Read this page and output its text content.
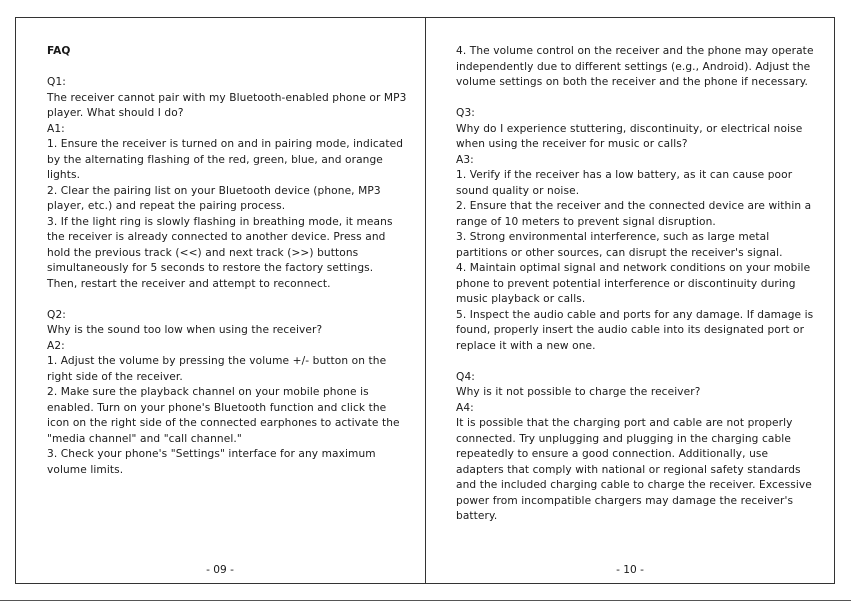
FAQ

Q1:

The receiver cannot pair with my Bluetooth-enabled phone or MP3 player. What should I do?

A1:

1. Ensure the receiver is turned on and in pairing mode, indicated by the alternating flashing of the red, green, blue, and orange lights.

2. Clear the pairing list on your Bluetooth device (phone, MP3 player, etc.) and repeat the pairing process.

3. If the light ring is slowly flashing in breathing mode, it means the receiver is already connected to another device. Press and hold the previous track (<<) and next track (>>) buttons simultaneously for 5 seconds to restore the factory settings. Then, restart the receiver and attempt to reconnect.

Q2:

Why is the sound too low when using the receiver?

A2:

1. Adjust the volume by pressing the volume +/- button on the right side of the receiver.

2. Make sure the playback channel on your mobile phone is enabled. Turn on your phone's Bluetooth function and click the icon on the right side of the connected earphones to activate the "media channel" and "call channel."

3. Check your phone's "Settings" interface for any maximum volume limits.

- 09 -

4. The volume control on the receiver and the phone may operate independently due to different settings (e.g., Android). Adjust the volume settings on both the receiver and the phone if necessary.

Q3:

Why do I experience stuttering, discontinuity, or electrical noise when using the receiver for music or calls?

A3:

1. Verify if the receiver has a low battery, as it can cause poor sound quality or noise.

2. Ensure that the receiver and the connected device are within a range of 10 meters to prevent signal disruption.

3. Strong environmental interference, such as large metal partitions or other sources, can disrupt the receiver's signal.

4. Maintain optimal signal and network conditions on your mobile phone to prevent potential interference or discontinuity during music playback or calls.

5. Inspect the audio cable and ports for any damage. If damage is found, properly insert the audio cable into its designated port or replace it with a new one.

Q4:

Why is it not possible to charge the receiver?

A4:

It is possible that the charging port and cable are not properly connected. Try unplugging and plugging in the charging cable repeatedly to ensure a good connection. Additionally, use adapters that comply with national or regional safety standards and the included charging cable to charge the receiver. Excessive power from incompatible chargers may damage the receiver's battery.

- 10 -
